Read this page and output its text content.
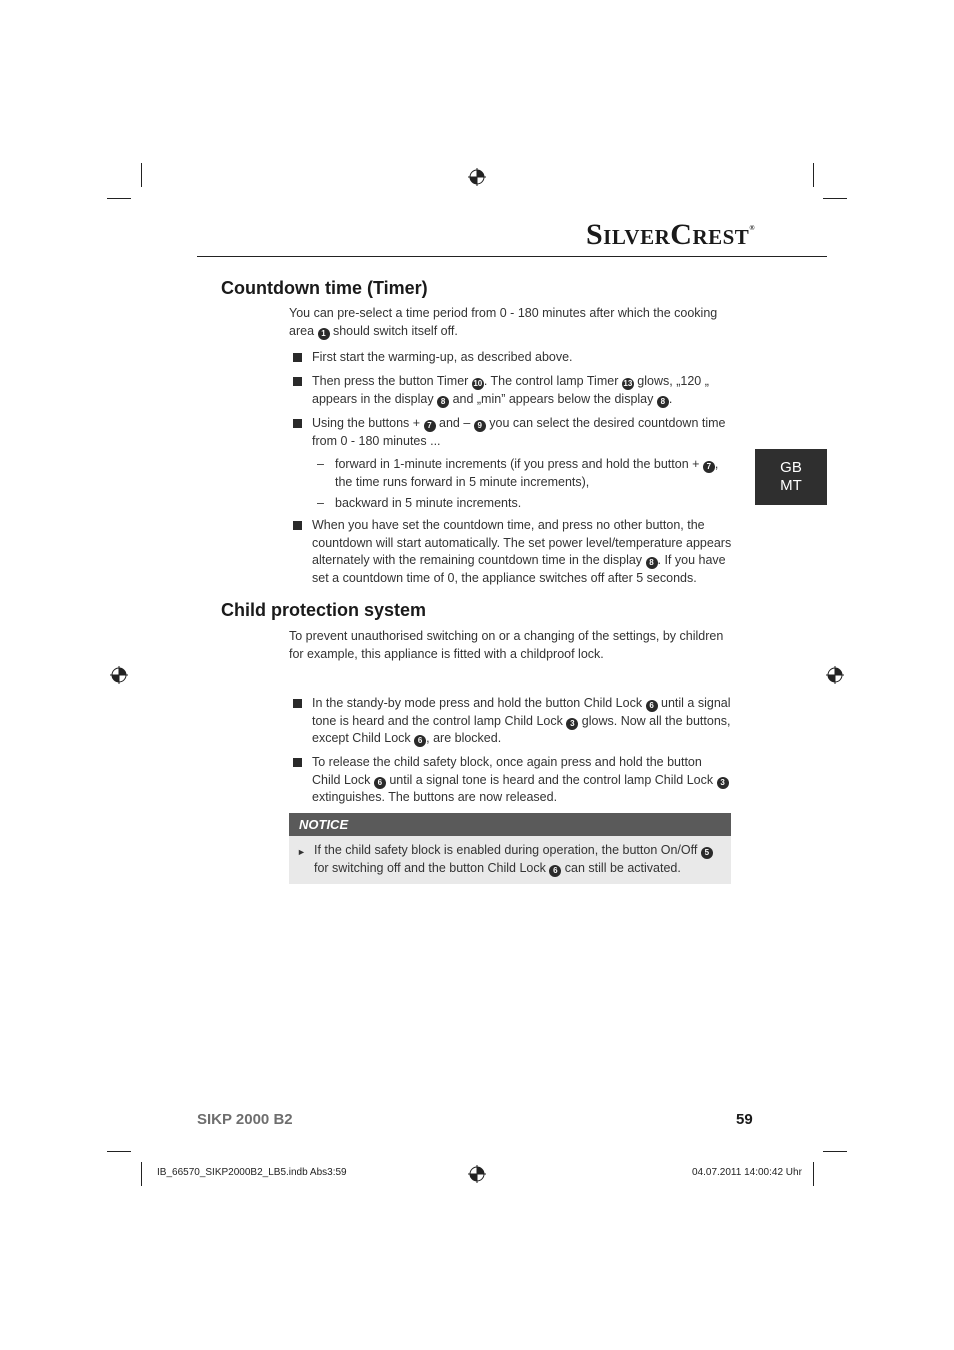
SilverCrest®
GB
MT
Countdown time (Timer)
You can pre-select a time period from 0 - 180 minutes after which the cooking area 1 should switch itself off.
First start the warming-up, as described above.
Then press the button Timer 10 . The control lamp Timer 13 glows, „120 „ appears in the display 8 and „min” appears below the display 8 .
Using the buttons + 7 and – 9 you can select the desired countdown time from 0 - 180 minutes ...
– forward in 1-minute increments (if you press and hold the button + 7 , the time runs forward in 5 minute increments),
– backward in 5 minute increments.
When you have set the countdown time, and press no other button, the countdown will start automatically. The set power level/temperature appears alternately with the remaining countdown time in the display 8 . If you have set a countdown time of 0, the appliance switches off after 5 seconds.
Child protection system
To prevent unauthorised switching on or a changing of the settings, by children for example, this appliance is fitted with a childproof lock.
In the standy-by mode press and hold the button Child Lock 6 until a signal tone is heard and the control lamp Child Lock 3 glows. Now all the buttons, except Child Lock 6 , are blocked.
To release the child safety block, once again press and hold the button Child Lock 6 until a signal tone is heard and the control lamp Child Lock 3 extinguishes. The buttons are now released.
NOTICE
► If the child safety block is enabled during operation, the button On/Off 5 for switching off and the button Child Lock 6 can still be activated.
SIKP 2000 B2	59
IB_66570_SIKP2000B2_LB5.indb Abs3:59	04.07.2011 14:00:42 Uhr
